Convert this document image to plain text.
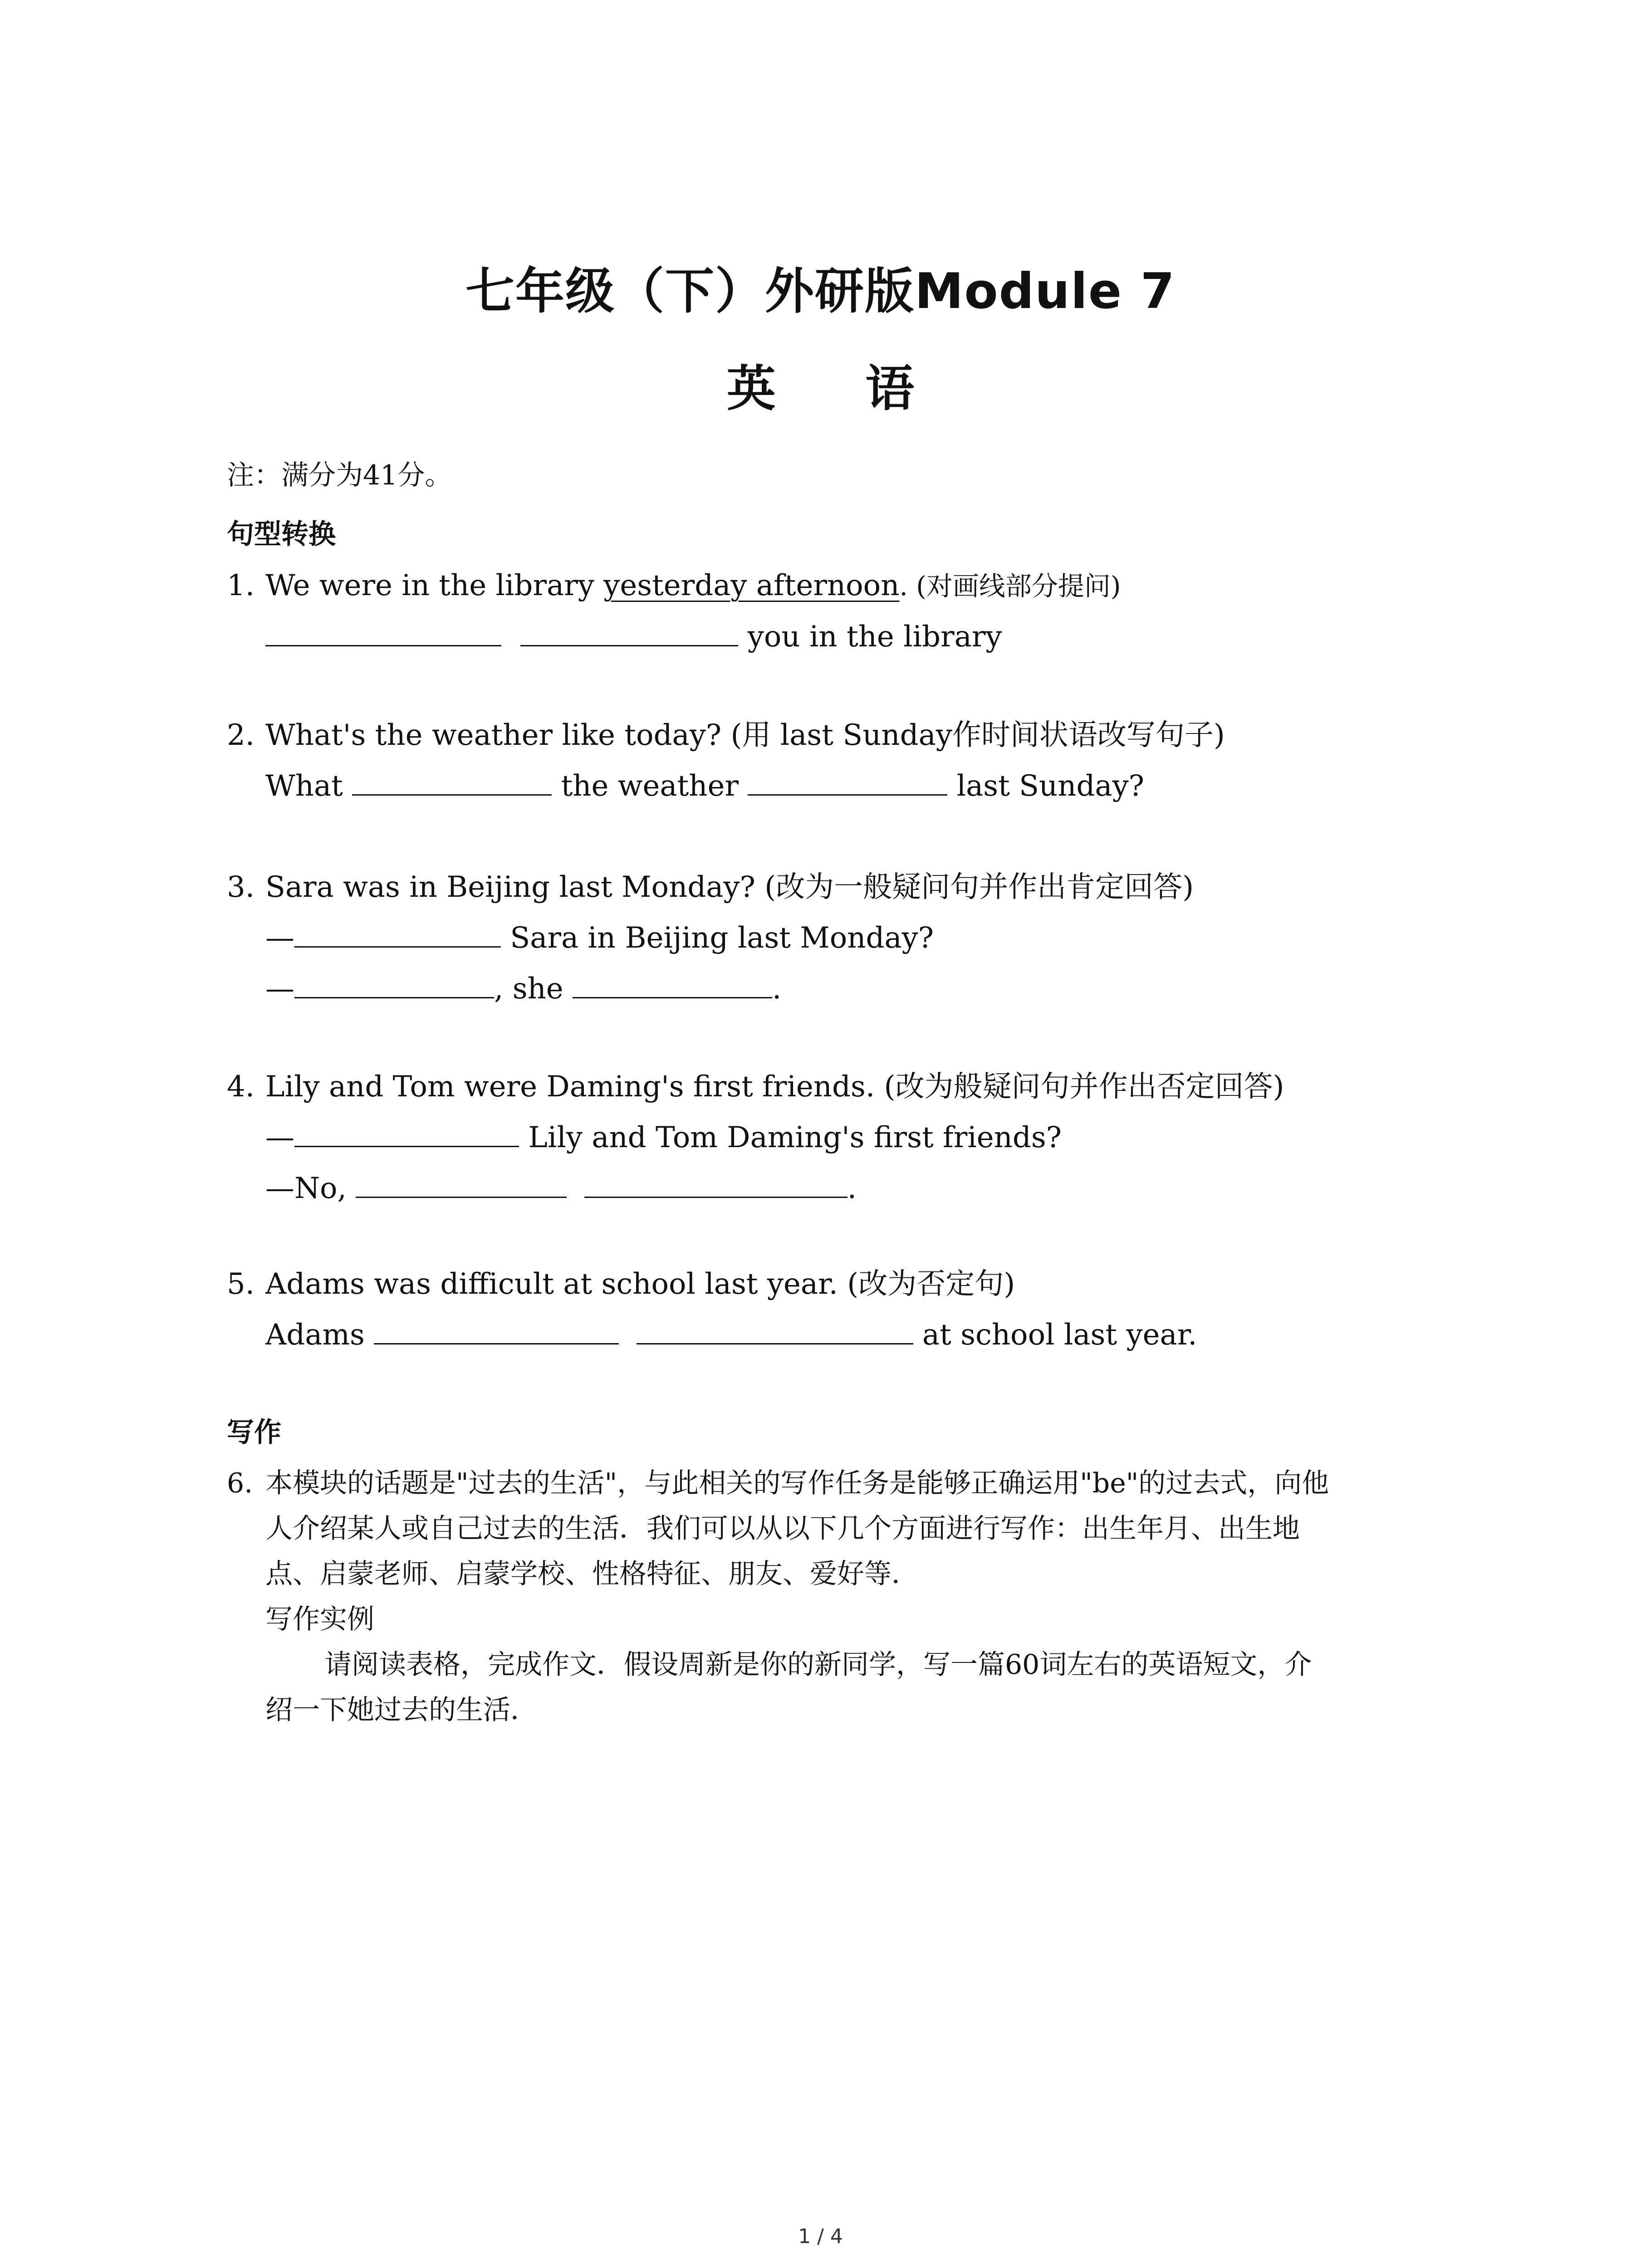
七年级（下）外研版Module 7
英 语
注：满分为41分。
句型转换
1. We were in the library yesterday afternoon. (对画线部分提问)
you in the library
2. What's the weather like today? (用 last Sunday作时间状语改写句子)
What	the weather	last Sunday?
3. Sara was in Beijing last Monday? (改为一般疑问句并作出肯定回答)
—	Sara in Beijing last Monday?
—	, she	.
4. Lily and Tom were Daming's first friends. (改为般疑问句并作出否定回答)
—	Lily and Tom Daming's first friends?
—No,	.
5. Adams was difficult at school last year. (改为否定句)
Adams	at school last year.
写作
6. 本模块的话题是"过去的生活"，与此相关的写作任务是能够正确运用"be"的过去式，向他
人介绍某人或自己过去的生活．我们可以从以下几个方面进行写作：出生年月、出生地
点、启蒙老师、启蒙学校、性格特征、朋友、爱好等．
写作实例
请阅读表格，完成作文．假设周新是你的新同学，写一篇60词左右的英语短文，介
绍一下她过去的生活．
1 / 4
